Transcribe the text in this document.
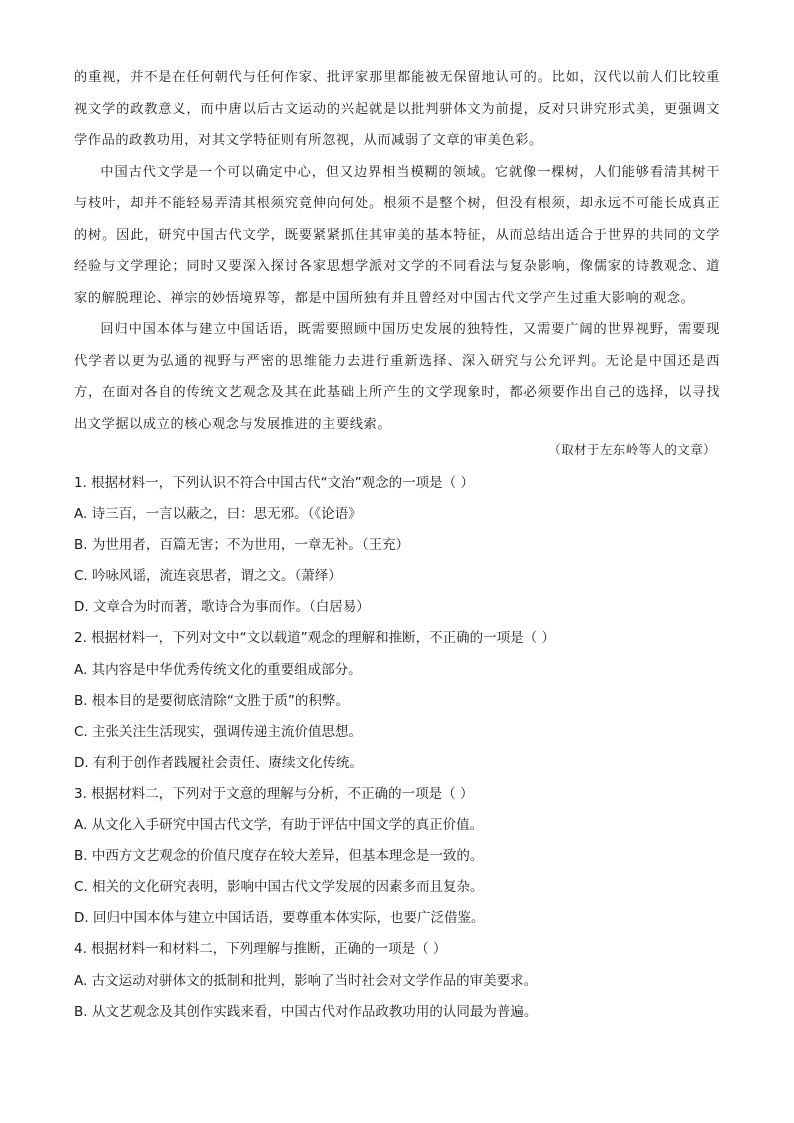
的重视，并不是在任何朝代与任何作家、批评家那里都能被无保留地认可的。比如，汉代以前人们比较重视文学的政教意义，而中唐以后古文运动的兴起就是以批判骈体文为前提，反对只讲究形式美，更强调文学作品的政教功用，对其文学特征则有所忽视，从而减弱了文章的审美色彩。

中国古代文学是一个可以确定中心，但又边界相当模糊的领域。它就像一棵树，人们能够看清其树干与枝叶，却并不能轻易弄清其根须究竟伸向何处。根须不是整个树，但没有根须，却永远不可能长成真正的树。因此，研究中国古代文学，既要紧紧抓住其审美的基本特征，从而总结出适合于世界的共同的文学经验与文学理论；同时又要深入探讨各家思想学派对文学的不同看法与复杂影响，像儒家的诗教观念、道家的解脱理论、禅宗的妙悟境界等，都是中国所独有并且曾经对中国古代文学产生过重大影响的观念。

回归中国本体与建立中国话语，既需要照顾中国历史发展的独特性，又需要广阔的世界视野，需要现代学者以更为弘通的视野与严密的思维能力去进行重新选择、深入研究与公允评判。无论是中国还是西方，在面对各自的传统文艺观念及其在此基础上所产生的文学现象时，都必须要作出自己的选择，以寻找出文学据以成立的核心观念与发展推进的主要线索。

（取材于左东岭等人的文章）
1. 根据材料一，下列认识不符合中国古代“文治”观念的一项是（ ）
A. 诗三百，一言以蔽之，曰：思无邪。（《论语》
B. 为世用者，百篇无害；不为世用，一章无补。（王充）
C. 吟咏风谣，流连哀思者，谓之文。（萧绎）
D. 文章合为时而著，歌诗合为事而作。（白居易）
2. 根据材料一，下列对文中“文以载道”观念的理解和推断，不正确的一项是（ ）
A. 其内容是中华优秀传统文化的重要组成部分。
B. 根本目的是要彻底清除“文胜于质”的积弊。
C. 主张关注生活现实，强调传递主流价值思想。
D. 有利于创作者践履社会责任、赓续文化传统。
3. 根据材料二，下列对于文意的理解与分析，不正确的一项是（ ）
A. 从文化入手研究中国古代文学，有助于评估中国文学的真正价值。
B. 中西方文艺观念的价值尺度存在较大差异，但基本理念是一致的。
C. 相关的文化研究表明，影响中国古代文学发展的因素多而且复杂。
D. 回归中国本体与建立中国话语，要尊重本体实际，也要广泛借鉴。
4. 根据材料一和材料二，下列理解与推断，正确的一项是（ ）
A. 古文运动对骈体文的抵制和批判，影响了当时社会对文学作品的审美要求。
B. 从文艺观念及其创作实践来看，中国古代对作品政教功用的认同最为普遍。
